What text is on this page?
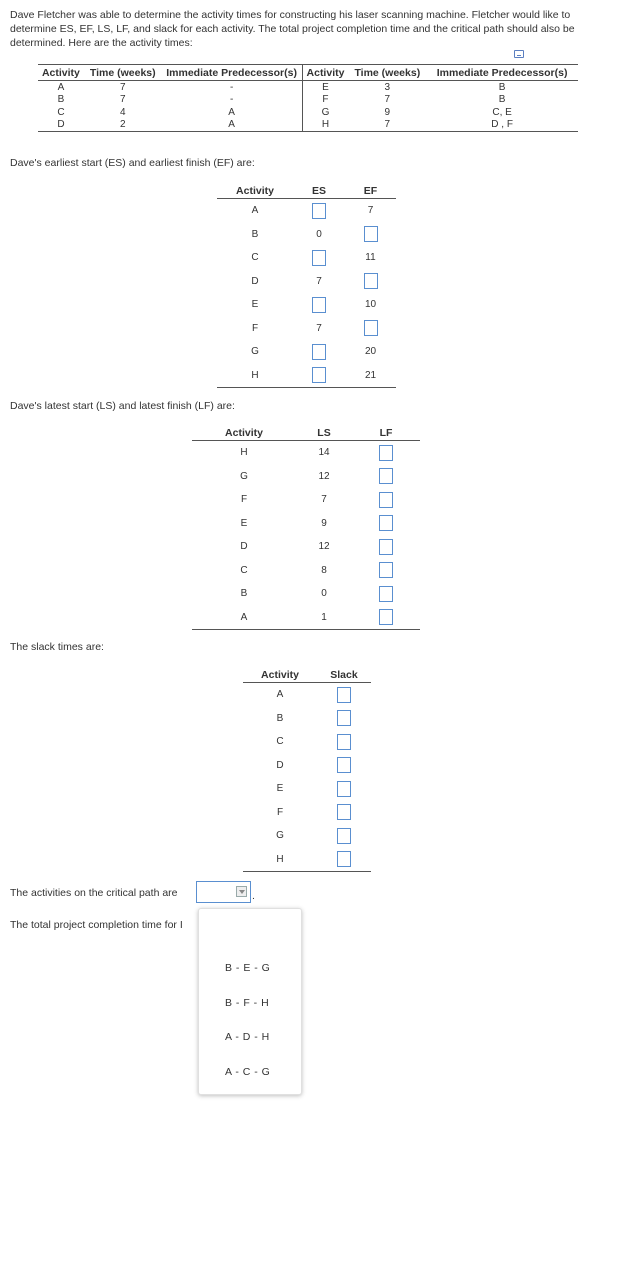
Dave Fletcher was able to determine the activity times for constructing his laser scanning machine. Fletcher would like to determine ES, EF, LS, LF, and slack for each activity. The total project completion time and the critical path should also be determined. Here are the activity times:
Activity	Time (weeks)	Immediate Predecessor(s)	Activity	Time (weeks)	Immediate Predecessor(s)
A	7	-	E	3	B
B	7	-	F	7	B
C	4	A	G	9	C, E
D	2	A	H	7	D , F
Dave's earliest start (ES) and earliest finish (EF) are:
Activity	ES	EF
A		7
B	0	
C		11
D	7	
E		10
F	7	
G		20
H		21
Dave's latest start (LS) and latest finish (LF) are:
Activity	LS	LF
H	14	
G	12	
F	7	
E	9	
D	12	
C	8	
B	0	
A	1	
The slack times are:
Activity	Slack
A	
B	
C	
D	
E	
F	
G	
H	
The activities on the critical path are	.
The total project completion time for I
B - E - G
B - F - H
A - D - H
A - C - G
